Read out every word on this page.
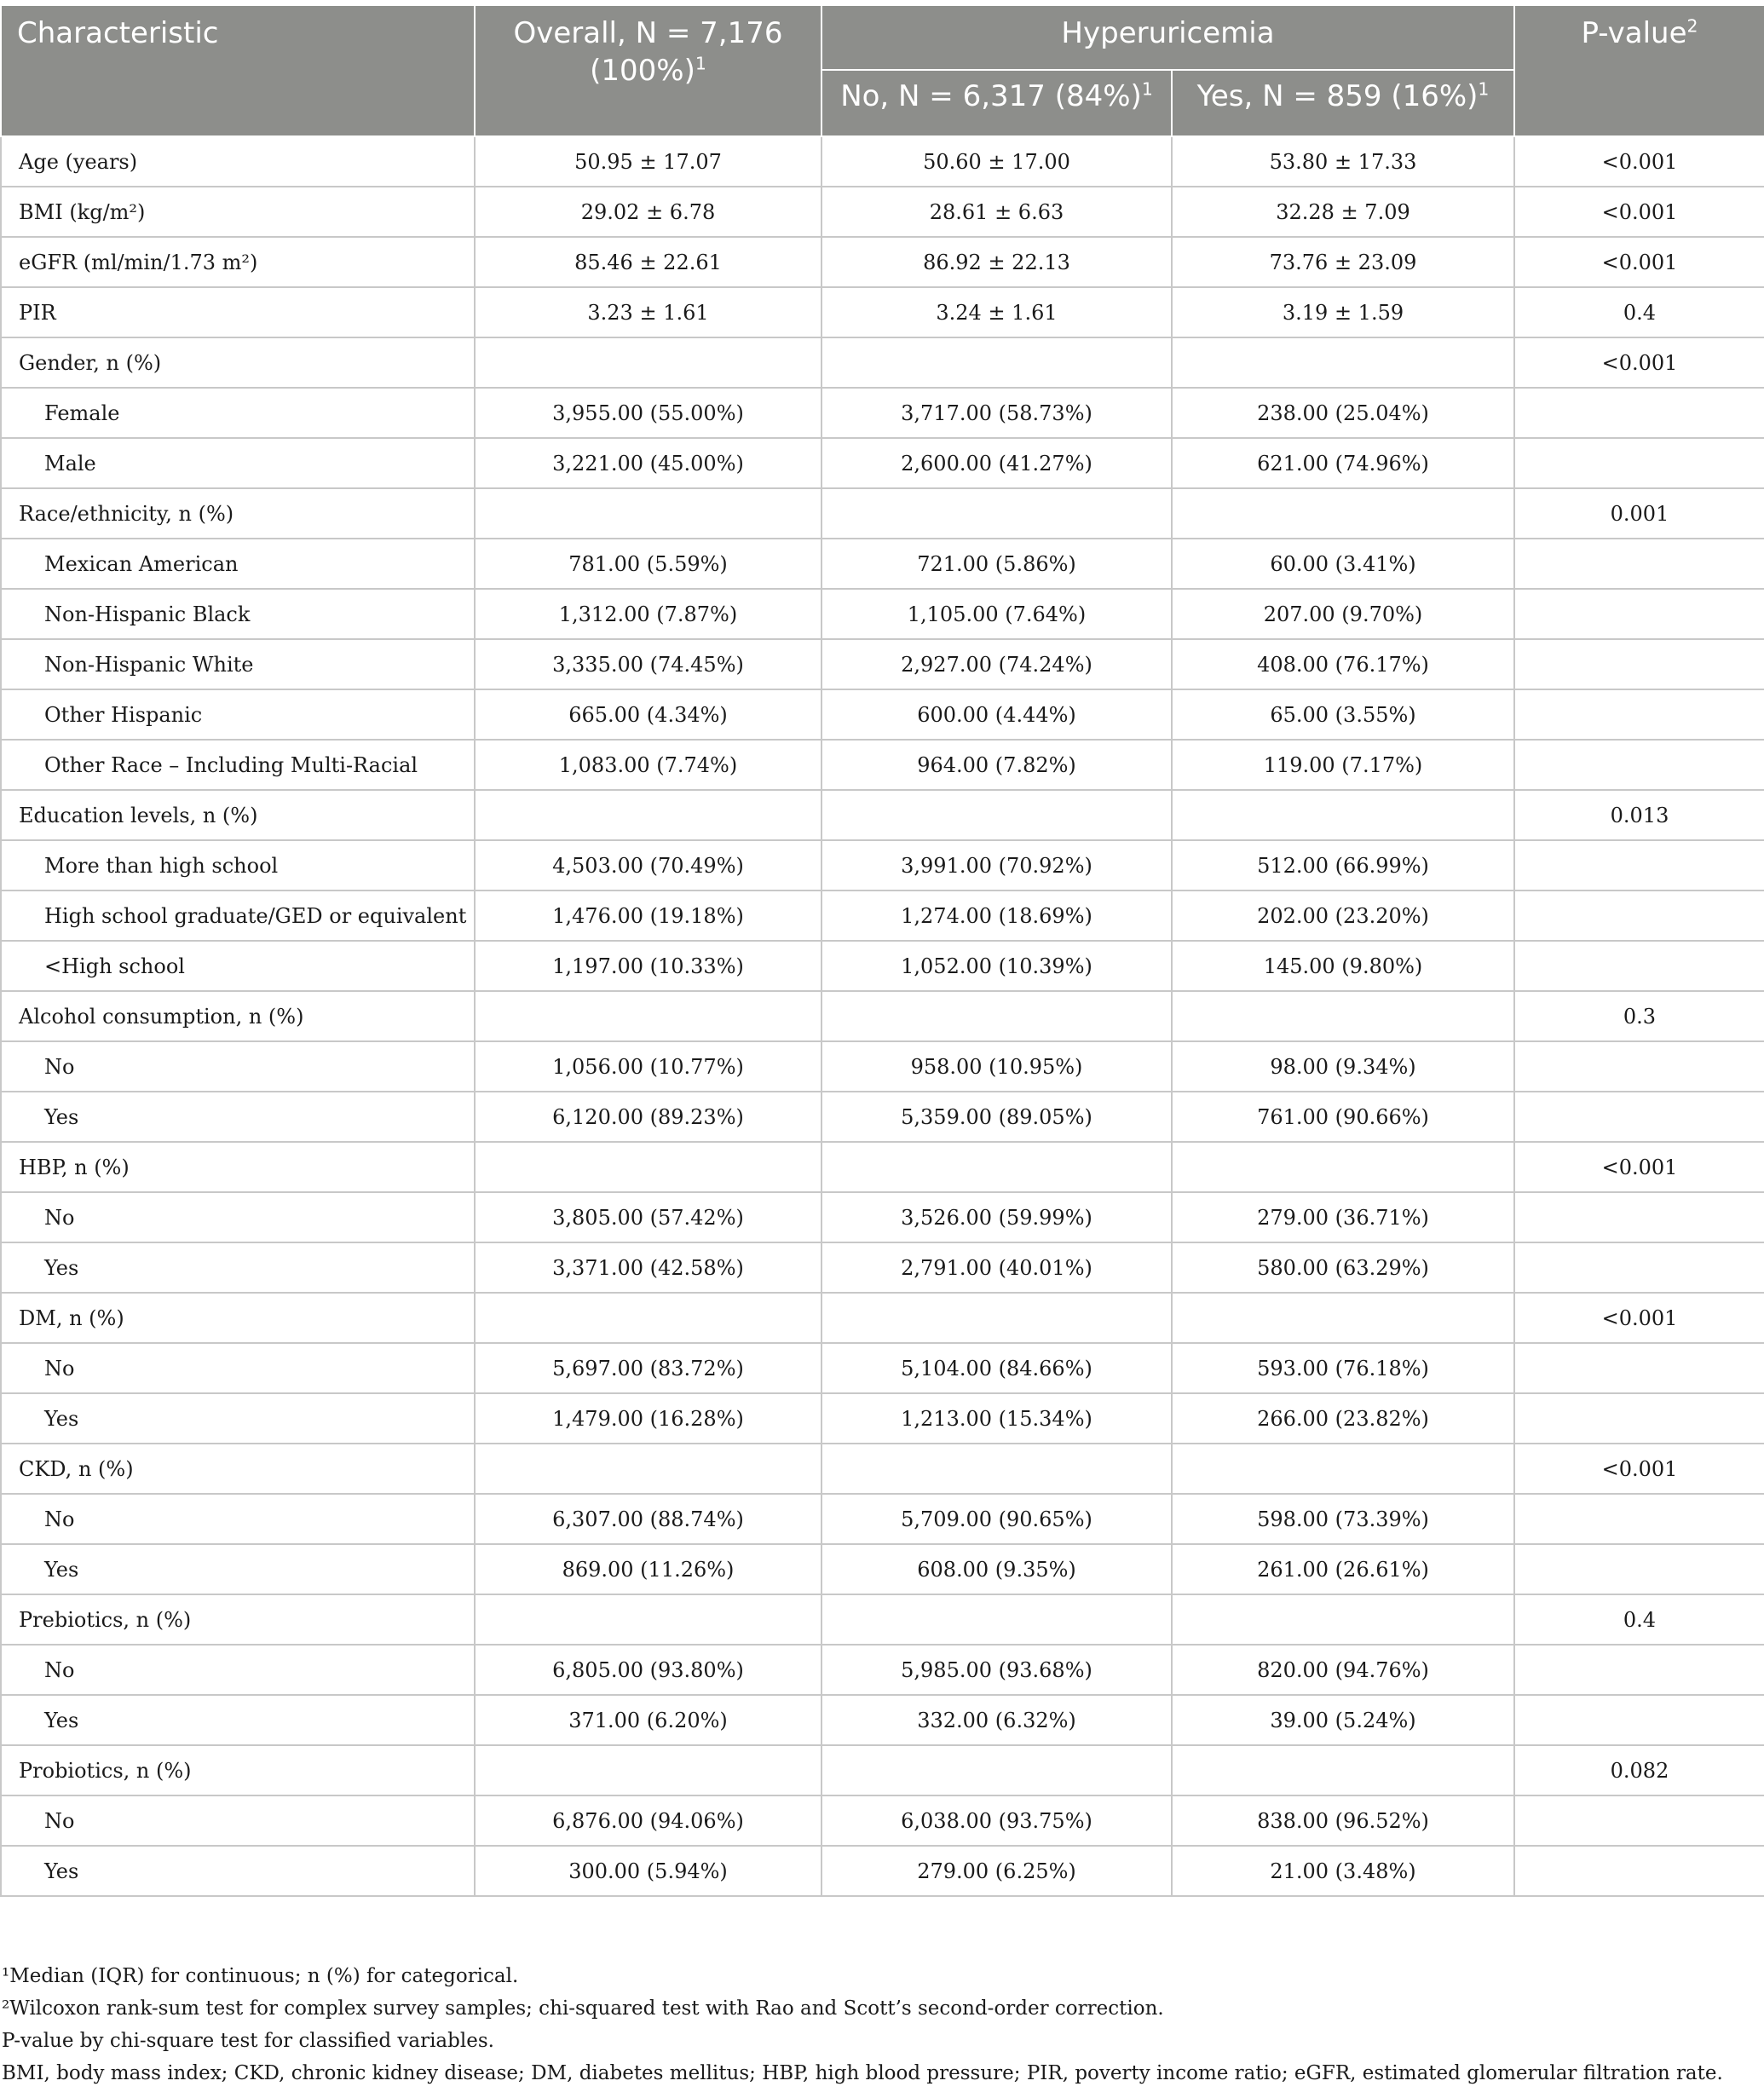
Characteristic	Overall, N = 7,176
$(100\%)^1$	Hyperuricemia		P-value$^2$
		No, N = 6,317 $(84\%)^1$	Yes, N = 859 $(16\%)^1$
Age (years)	50.95 ± 17.07	50.60 ± 17.00	53.80 ± 17.33	<0.001
BMI (kg/m²)	29.02 ± 6.78	28.61 ± 6.63	32.28 ± 7.09	<0.001
eGFR (ml/min/1.73 m²)	85.46 ± 22.61	86.92 ± 22.13	73.76 ± 23.09	<0.001
PIR	3.23 ± 1.61	3.24 ± 1.61	3.19 ± 1.59	0.4
Gender, n (%)				<0.001
Female	3,955.00 (55.00%)	3,717.00 (58.73%)	238.00 (25.04%)	
Male	3,221.00 (45.00%)	2,600.00 (41.27%)	621.00 (74.96%)	
Race/ethnicity, n (%)				0.001
Mexican American	781.00 (5.59%)	721.00 (5.86%)	60.00 (3.41%)	
Non-Hispanic Black	1,312.00 (7.87%)	1,105.00 (7.64%)	207.00 (9.70%)	
Non-Hispanic White	3,335.00 (74.45%)	2,927.00 (74.24%)	408.00 (76.17%)	
Other Hispanic	665.00 (4.34%)	600.00 (4.44%)	65.00 (3.55%)	
Other Race – Including Multi-Racial	1,083.00 (7.74%)	964.00 (7.82%)	119.00 (7.17%)	
Education levels, n (%)				0.013
More than high school	4,503.00 (70.49%)	3,991.00 (70.92%)	512.00 (66.99%)	
High school graduate/GED or equivalent	1,476.00 (19.18%)	1,274.00 (18.69%)	202.00 (23.20%)	
<High school	1,197.00 (10.33%)	1,052.00 (10.39%)	145.00 (9.80%)	
Alcohol consumption, n (%)				0.3
No	1,056.00 (10.77%)	958.00 (10.95%)	98.00 (9.34%)	
Yes	6,120.00 (89.23%)	5,359.00 (89.05%)	761.00 (90.66%)	
HBP, n (%)				<0.001
No	3,805.00 (57.42%)	3,526.00 (59.99%)	279.00 (36.71%)	
Yes	3,371.00 (42.58%)	2,791.00 (40.01%)	580.00 (63.29%)	
DM, n (%)				<0.001
No	5,697.00 (83.72%)	5,104.00 (84.66%)	593.00 (76.18%)	
Yes	1,479.00 (16.28%)	1,213.00 (15.34%)	266.00 (23.82%)	
CKD, n (%)				<0.001
No	6,307.00 (88.74%)	5,709.00 (90.65%)	598.00 (73.39%)	
Yes	869.00 (11.26%)	608.00 (9.35%)	261.00 (26.61%)	
Prebiotics, n (%)				0.4
No	6,805.00 (93.80%)	5,985.00 (93.68%)	820.00 (94.76%)	
Yes	371.00 (6.20%)	332.00 (6.32%)	39.00 (5.24%)	
Probiotics, n (%)				0.082
No	6,876.00 (94.06%)	6,038.00 (93.75%)	838.00 (96.52%)	
Yes	300.00 (5.94%)	279.00 (6.25%)	21.00 (3.48%)	

¹Median (IQR) for continuous; n (%) for categorical.

²Wilcoxon rank-sum test for complex survey samples; chi-squared test with Rao and Scott’s second-order correction.

P-value by chi-square test for classified variables.

BMI, body mass index; CKD, chronic kidney disease; DM, diabetes mellitus; HBP, high blood pressure; PIR, poverty income ratio; eGFR, estimated glomerular filtration rate.
